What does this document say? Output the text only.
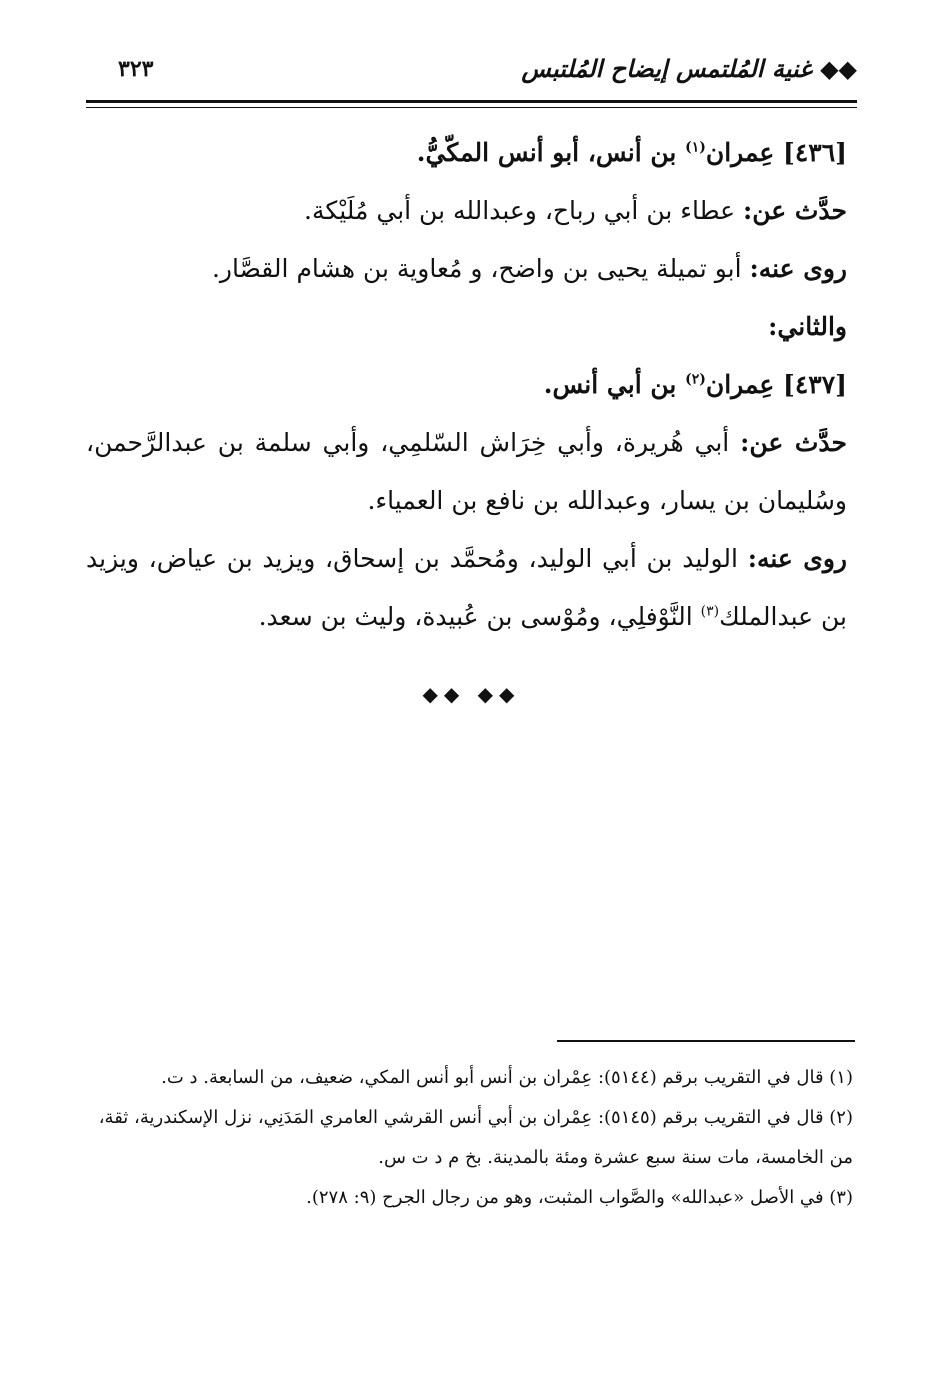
◆◆ غنية المُلتمس إيضاح المُلتبس
٣٢٣
[٤٣٦] عِمران$^{(١)}$ بن أنس، أبو أنس المكّيُّ.
حدَّث عن: عطاء بن أبي رباح، وعبدالله بن أبي مُلَيْكة.
روى عنه: أبو تميلة يحيى بن واضح، و مُعاوية بن هشام القصَّار.
والثاني:
[٤٣٧] عِمران$^{(٢)}$ بن أبي أنس.
حدَّث عن: أبي هُريرة، وأبي خِرَاش السّلمِي، وأبي سلمة بن عبدالرَّحمن، وسُليمان بن يسار، وعبدالله بن نافع بن العمياء.
روى عنه: الوليد بن أبي الوليد، ومُحمَّد بن إسحاق، ويزيد بن عياض، ويزيد بن عبدالملك$^{(٣)}$ النَّوْفلِي، ومُوْسى بن عُبيدة، وليث بن سعد.
◆◆ ◆◆

(١) قال في التقريب برقم (٥١٤٤): عِمْران بن أنس أبو أنس المكي، ضعيف، من السابعة. د ت.

(٢) قال في التقريب برقم (٥١٤٥): عِمْران بن أبي أنس القرشي العامري المَدَنِي، نزل الإسكندرية، ثقة، من الخامسة، مات سنة سبع عشرة ومئة بالمدينة. بخ م د ت س.

(٣) في الأصل «عبدالله» والصَّواب المثبت، وهو من رجال الجرح (٩: ٢٧٨).
